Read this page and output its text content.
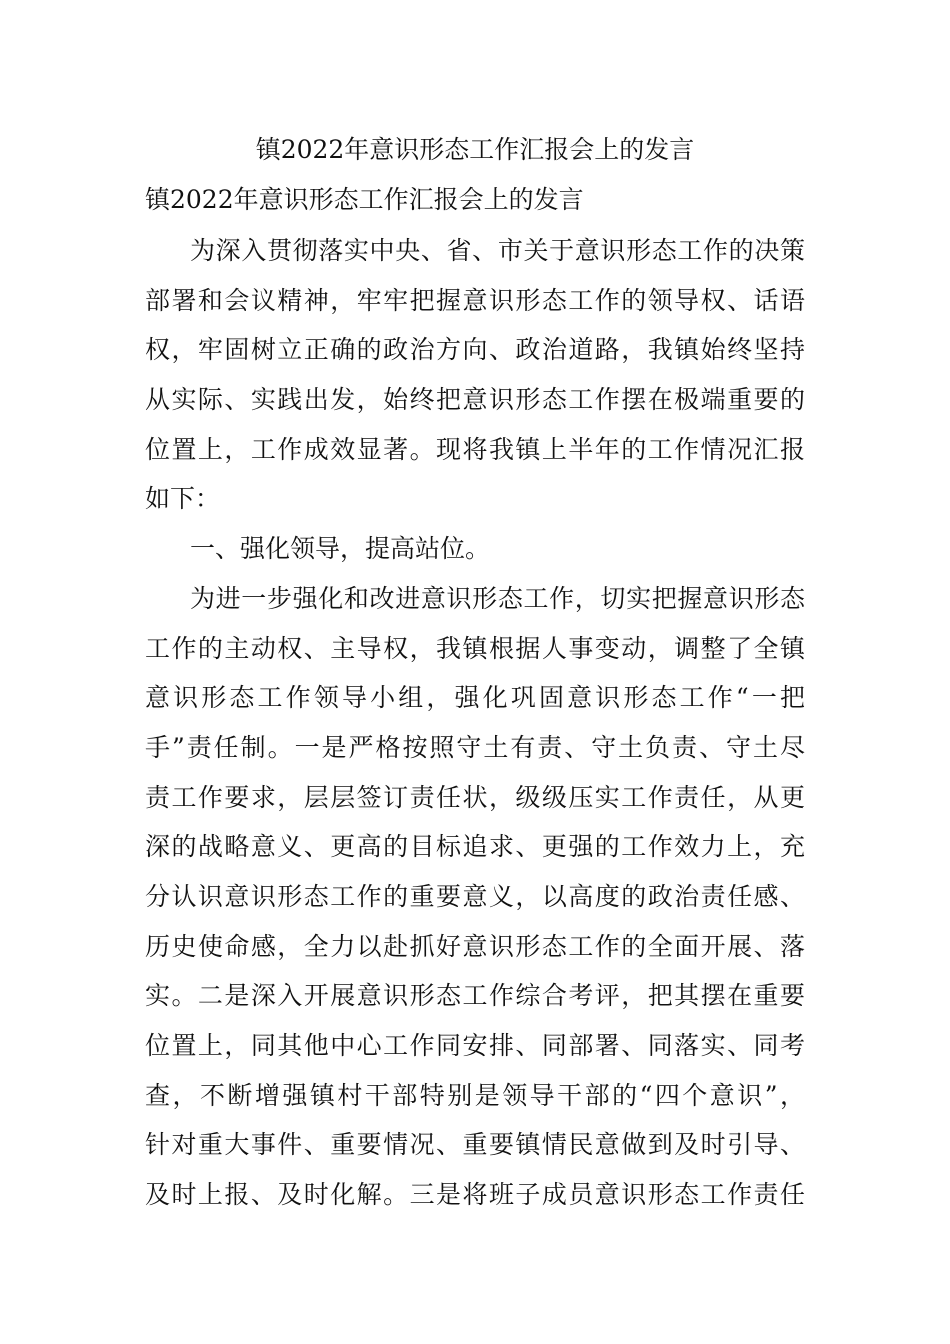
镇2022年意识形态工作汇报会上的发言
镇2022年意识形态工作汇报会上的发言
为深入贯彻落实中央、省、市关于意识形态工作的决策
部署和会议精神，牢牢把握意识形态工作的领导权、话语
权，牢固树立正确的政治方向、政治道路，我镇始终坚持
从实际、实践出发，始终把意识形态工作摆在极端重要的
位置上，工作成效显著。现将我镇上半年的工作情况汇报
如下：
一、强化领导，提高站位。
为进一步强化和改进意识形态工作，切实把握意识形态
工作的主动权、主导权，我镇根据人事变动，调整了全镇
意识形态工作领导小组，强化巩固意识形态工作“一把
手”责任制。一是严格按照守土有责、守土负责、守土尽
责工作要求，层层签订责任状，级级压实工作责任，从更
深的战略意义、更高的目标追求、更强的工作效力上，充
分认识意识形态工作的重要意义，以高度的政治责任感、
历史使命感，全力以赴抓好意识形态工作的全面开展、落
实。二是深入开展意识形态工作综合考评，把其摆在重要
位置上，同其他中心工作同安排、同部署、同落实、同考
查，不断增强镇村干部特别是领导干部的“四个意识”，
针对重大事件、重要情况、重要镇情民意做到及时引导、
及时上报、及时化解。三是将班子成员意识形态工作责任
